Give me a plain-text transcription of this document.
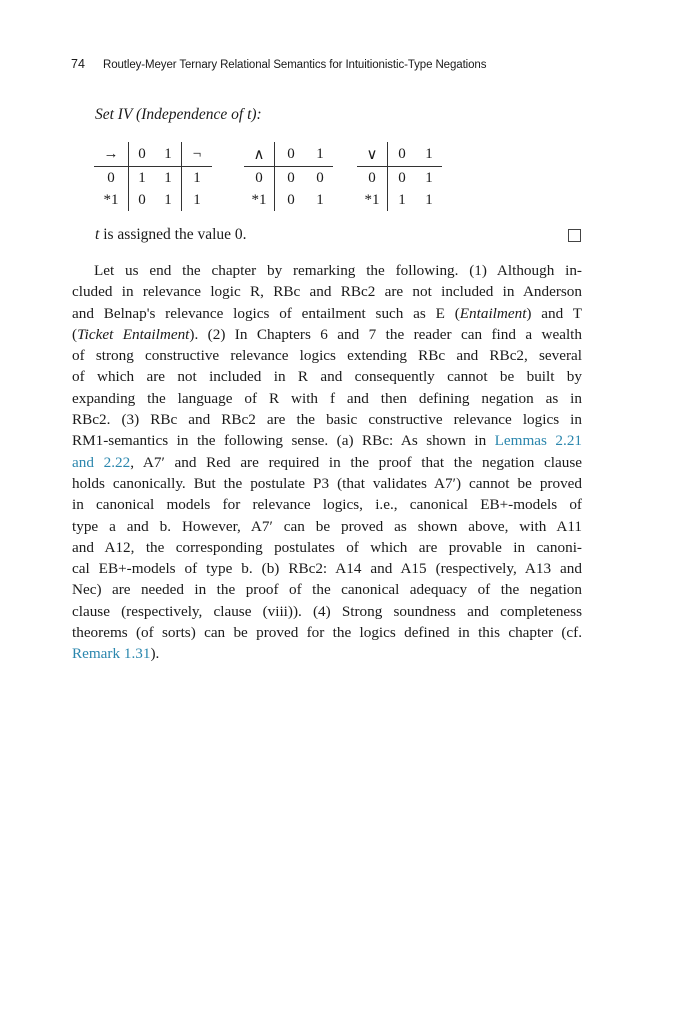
74 Routley-Meyer Ternary Relational Semantics for Intuitionistic-Type Negations
Set IV (Independence of t):
→	0	1	¬
0	1	1	1
*1	0	1	1
∧	0	1
0	0	0
*1	0	1
∨	0	1
0	0	1
*1	1	1
t is assigned the value 0.
Let us end the chapter by remarking the following. (1) Although in-
cluded in relevance logic R, RBc and RBc2 are not included in Anderson
and Belnap's relevance logics of entailment such as E (Entailment) and T
(Ticket Entailment). (2) In Chapters 6 and 7 the reader can find a wealth
of strong constructive relevance logics extending RBc and RBc2, several
of which are not included in R and consequently cannot be built by
expanding the language of R with f and then defining negation as in
RBc2. (3) RBc and RBc2 are the basic constructive relevance logics in
RM1-semantics in the following sense. (a) RBc: As shown in Lemmas 2.21
and 2.22, A7′ and Red are required in the proof that the negation clause
holds canonically. But the postulate P3 (that validates A7′) cannot be proved
in canonical models for relevance logics, i.e., canonical EB+-models of
type a and b. However, A7′ can be proved as shown above, with A11
and A12, the corresponding postulates of which are provable in canoni-
cal EB+-models of type b. (b) RBc2: A14 and A15 (respectively, A13 and
Nec) are needed in the proof of the canonical adequacy of the negation
clause (respectively, clause (viii)). (4) Strong soundness and completeness
theorems (of sorts) can be proved for the logics defined in this chapter (cf.
Remark 1.31).
